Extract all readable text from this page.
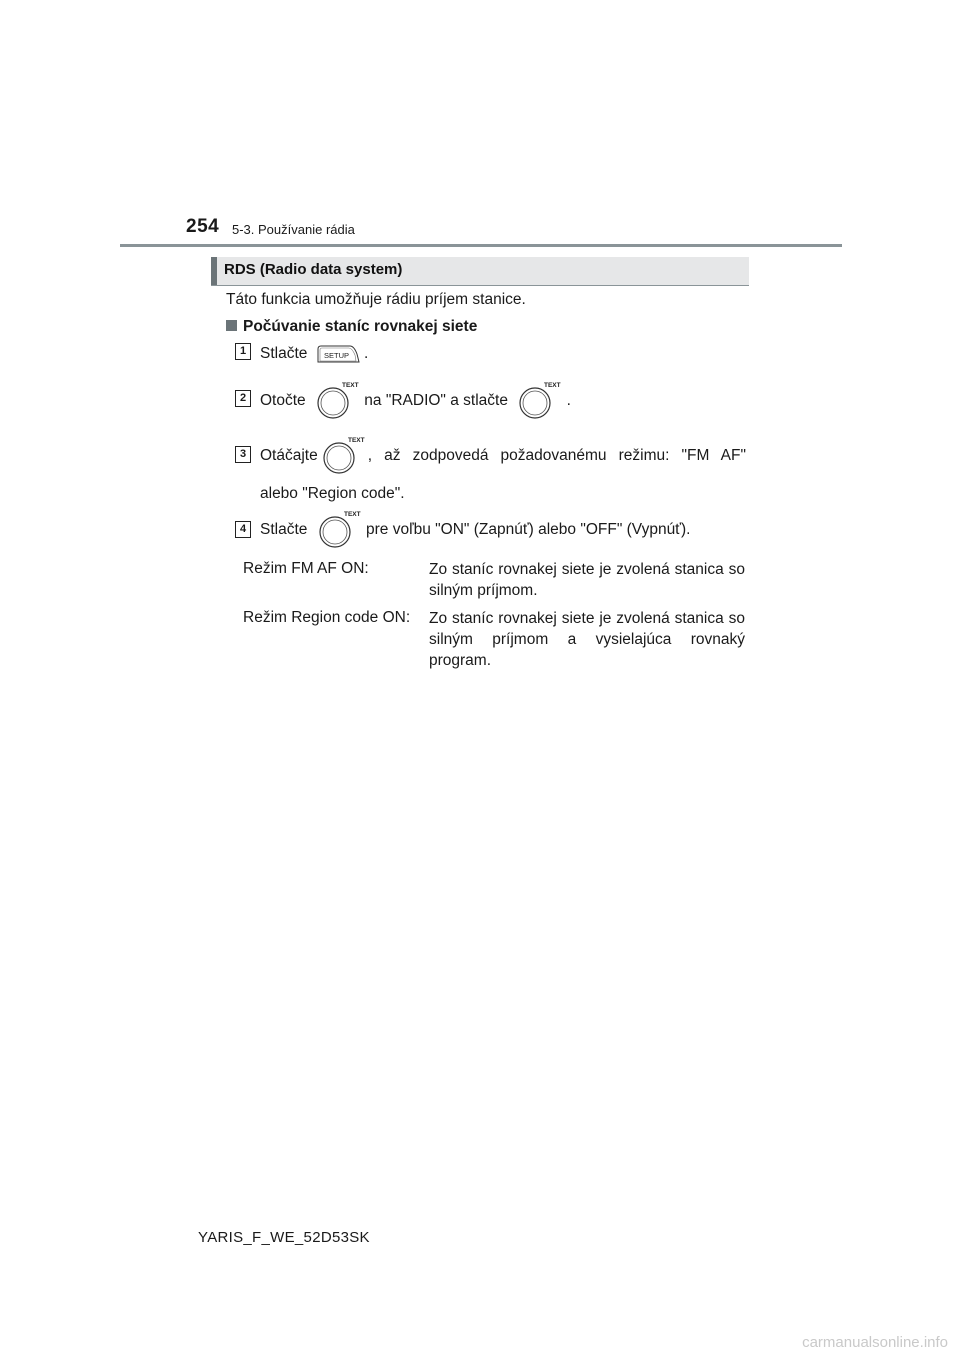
254 5-3. Používanie rádia
RDS (Radio data system)
Táto funkcia umožňuje rádiu príjem stanice.
Počúvanie staníc rovnakej siete
1 Stlačte SETUP .
2 Otočte
TEXT
na "RADIO" a stlačte
TEXT
.
3 Otáčajte
TEXT
, až zodpovedá požadovanému režimu: "FM AF"
alebo "Region code".
4 Stlačte
TEXT
pre voľbu "ON" (Zapnúť) alebo "OFF" (Vypnúť).
Režim FM AF ON:	Zo staníc rovnakej siete je zvolená stanica so silným príjmom.
Režim Region code ON: Zo staníc rovnakej siete je zvolená stanica so silným príjmom a vysielajúca rovnaký program.
YARIS_F_WE_52D53SK
carmanualsonline.info
